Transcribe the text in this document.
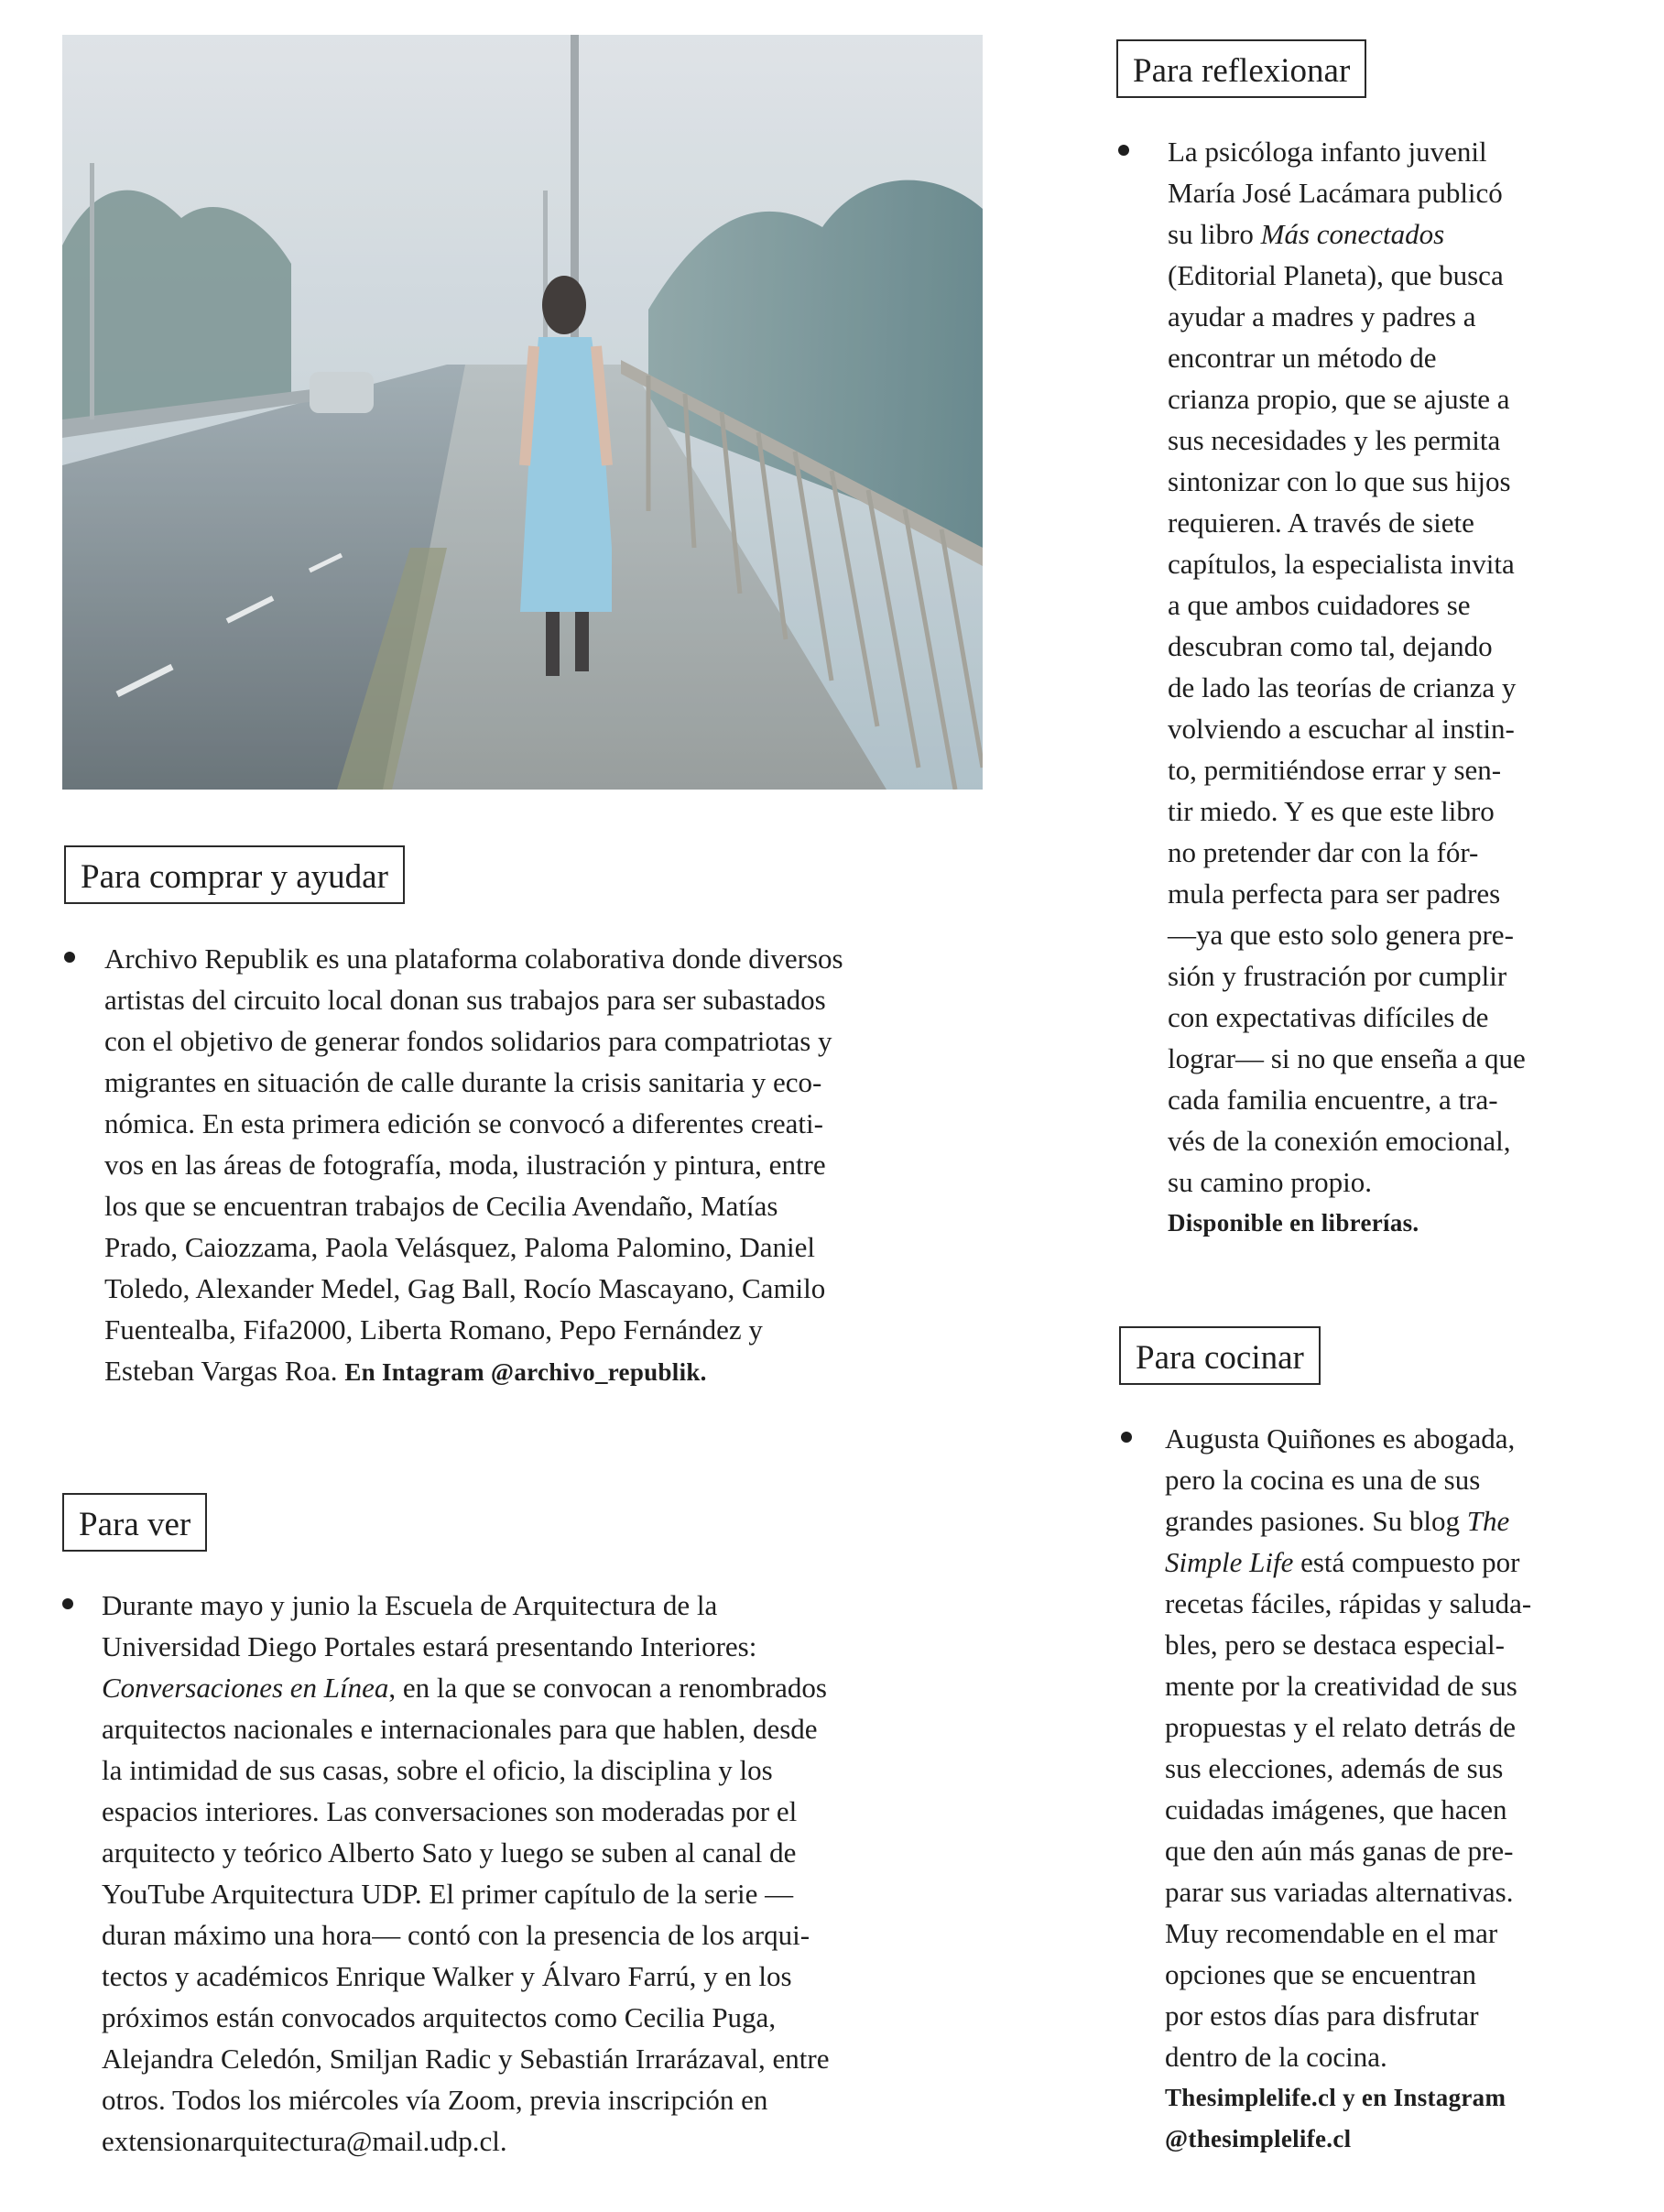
Para comprar y ayudar
Archivo Republik es una plataforma colaborativa donde diversos
artistas del circuito local donan sus trabajos para ser subastados
con el objetivo de generar fondos solidarios para compatriotas y
migrantes en situación de calle durante la crisis sanitaria y eco-
nómica. En esta primera edición se convocó a diferentes creati-
vos en las áreas de fotografía, moda, ilustración y pintura, entre
los que se encuentran trabajos de Cecilia Avendaño, Matías
Prado, Caiozzama, Paola Velásquez, Paloma Palomino, Daniel
Toledo, Alexander Medel, Gag Ball, Rocío Mascayano, Camilo
Fuentealba, Fifa2000, Liberta Romano, Pepo Fernández y
Esteban Vargas Roa. En Intagram @archivo_republik.
Para ver
Durante mayo y junio la Escuela de Arquitectura de la
Universidad Diego Portales estará presentando Interiores:
Conversaciones en Línea, en la que se convocan a renombrados
arquitectos nacionales e internacionales para que hablen, desde
la intimidad de sus casas, sobre el oficio, la disciplina y los
espacios interiores. Las conversaciones son moderadas por el
arquitecto y teórico Alberto Sato y luego se suben al canal de
YouTube Arquitectura UDP. El primer capítulo de la serie —
duran máximo una hora— contó con la presencia de los arqui-
tectos y académicos Enrique Walker y Álvaro Farrú, y en los
próximos están convocados arquitectos como Cecilia Puga,
Alejandra Celedón, Smiljan Radic y Sebastián Irrarázaval, entre
otros. Todos los miércoles vía Zoom, previa inscripción en
extensionarquitectura@mail.udp.cl.
Para reflexionar
La psicóloga infanto juvenil
María José Lacámara publicó
su libro Más conectados
(Editorial Planeta), que busca
ayudar a madres y padres a
encontrar un método de
crianza propio, que se ajuste a
sus necesidades y les permita
sintonizar con lo que sus hijos
requieren. A través de siete
capítulos, la especialista invita
a que ambos cuidadores se
descubran como tal, dejando
de lado las teorías de crianza y
volviendo a escuchar al instin-
to, permitiéndose errar y sen-
tir miedo. Y es que este libro
no pretender dar con la fór-
mula perfecta para ser padres
—ya que esto solo genera pre-
sión y frustración por cumplir
con expectativas difíciles de
lograr— si no que enseña a que
cada familia encuentre, a tra-
vés de la conexión emocional,
su camino propio.
Disponible en librerías.
Para cocinar
Augusta Quiñones es abogada,
pero la cocina es una de sus
grandes pasiones. Su blog The
Simple Life está compuesto por
recetas fáciles, rápidas y saluda-
bles, pero se destaca especial-
mente por la creatividad de sus
propuestas y el relato detrás de
sus elecciones, además de sus
cuidadas imágenes, que hacen
que den aún más ganas de pre-
parar sus variadas alternativas.
Muy recomendable en el mar
opciones que se encuentran
por estos días para disfrutar
dentro de la cocina.
Thesimplelife.cl y en Instagram
@thesimplelife.cl
